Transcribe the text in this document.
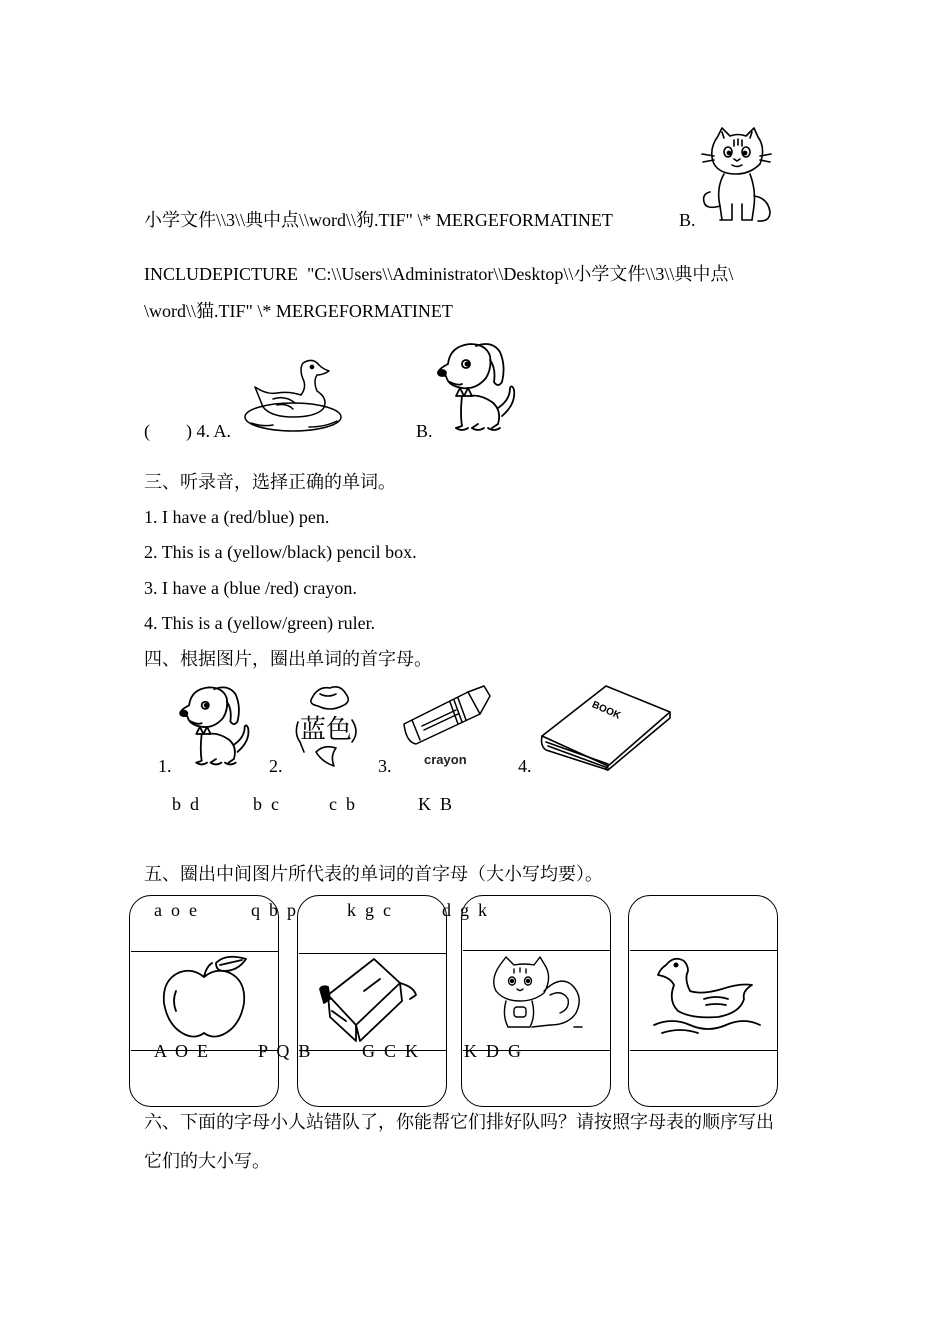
小学文件\\3\\典中点\\word\\狗.TIF" \* MERGEFORMATINET	B.
INCLUDEPICTURE  "C:\\Users\\Administrator\\Desktop\\小学文件\\3\\典中点\
\word\\猫.TIF" \* MERGEFORMATINET
(        ) 4. A.	B.
三、听录音，选择正确的单词。
1. I have a (red/blue) pen.
2. This is a (yellow/black) pencil box.
3. I have a (blue /red) crayon.
4. This is a (yellow/green) ruler.
四、根据图片，圈出单词的首字母。
蓝色
crayon
BOOK
1.	2.	3.	4.
b  d	b  c	c  b	K  B
五、圈出中间图片所代表的单词的首字母（大小写均要）。
a  o  e	q  b  p	k  g  c	d  g  k
A  O  E	P  Q  B	G  C  K	K  D  G
六、下面的字母小人站错队了，你能帮它们排好队吗？请按照字母表的顺序写出
它们的大小写。
